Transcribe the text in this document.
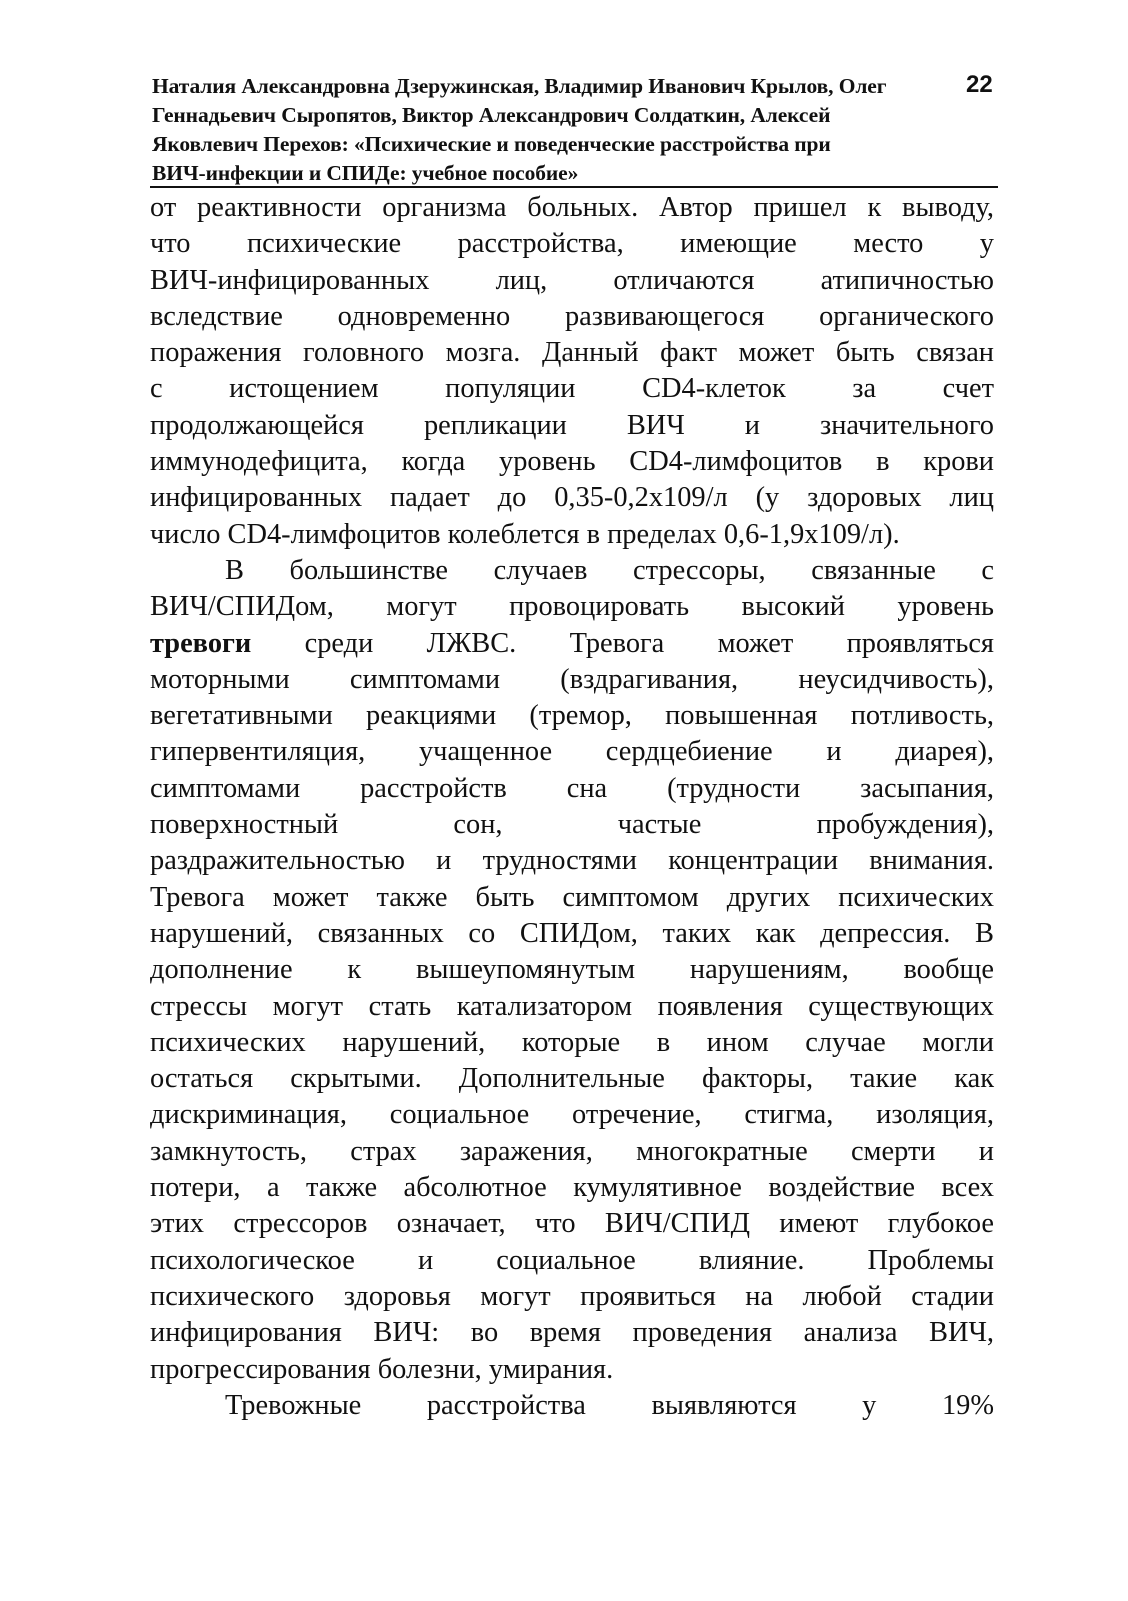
Наталия Александровна Дзеружинская, Владимир Иванович Крылов, Олег
Геннадьевич Сыропятов, Виктор Александрович Солдаткин, Алексей
Яковлевич Перехов: «Психические и поведенческие расстройства при
ВИЧ-инфекции и СПИДе: учебное пособие»
22
от реактивности организма больных. Автор пришел к выводу,
что психические расстройства, имеющие место у
ВИЧ-инфицированных лиц, отличаются атипичностью
вследствие одновременно развивающегося органического
поражения головного мозга. Данный факт может быть связан
с истощением популяции CD4-клеток за счет
продолжающейся репликации ВИЧ и значительного
иммунодефицита, когда уровень CD4-лимфоцитов в крови
инфицированных падает до 0,35-0,2x109/л (у здоровых лиц
число CD4-лимфоцитов колеблется в пределах 0,6-1,9x109/л).
В большинстве случаев стрессоры, связанные с
ВИЧ/СПИДом, могут провоцировать высокий уровень
тревоги среди ЛЖВС. Тревога может проявляться
моторными симптомами (вздрагивания, неусидчивость),
вегетативными реакциями (тремор, повышенная потливость,
гипервентиляция, учащенное сердцебиение и диарея),
симптомами расстройств сна (трудности засыпания,
поверхностный сон, частые пробуждения),
раздражительностью и трудностями концентрации внимания.
Тревога может также быть симптомом других психических
нарушений, связанных со СПИДом, таких как депрессия. В
дополнение к вышеупомянутым нарушениям, вообще
стрессы могут стать катализатором появления существующих
психических нарушений, которые в ином случае могли
остаться скрытыми. Дополнительные факторы, такие как
дискриминация, социальное отречение, стигма, изоляция,
замкнутость, страх заражения, многократные смерти и
потери, а также абсолютное кумулятивное воздействие всех
этих стрессоров означает, что ВИЧ/СПИД имеют глубокое
психологическое и социальное влияние. Проблемы
психического здоровья могут проявиться на любой стадии
инфицирования ВИЧ: во время проведения анализа ВИЧ,
прогрессирования болезни, умирания.
Тревожные расстройства выявляются у 19%
